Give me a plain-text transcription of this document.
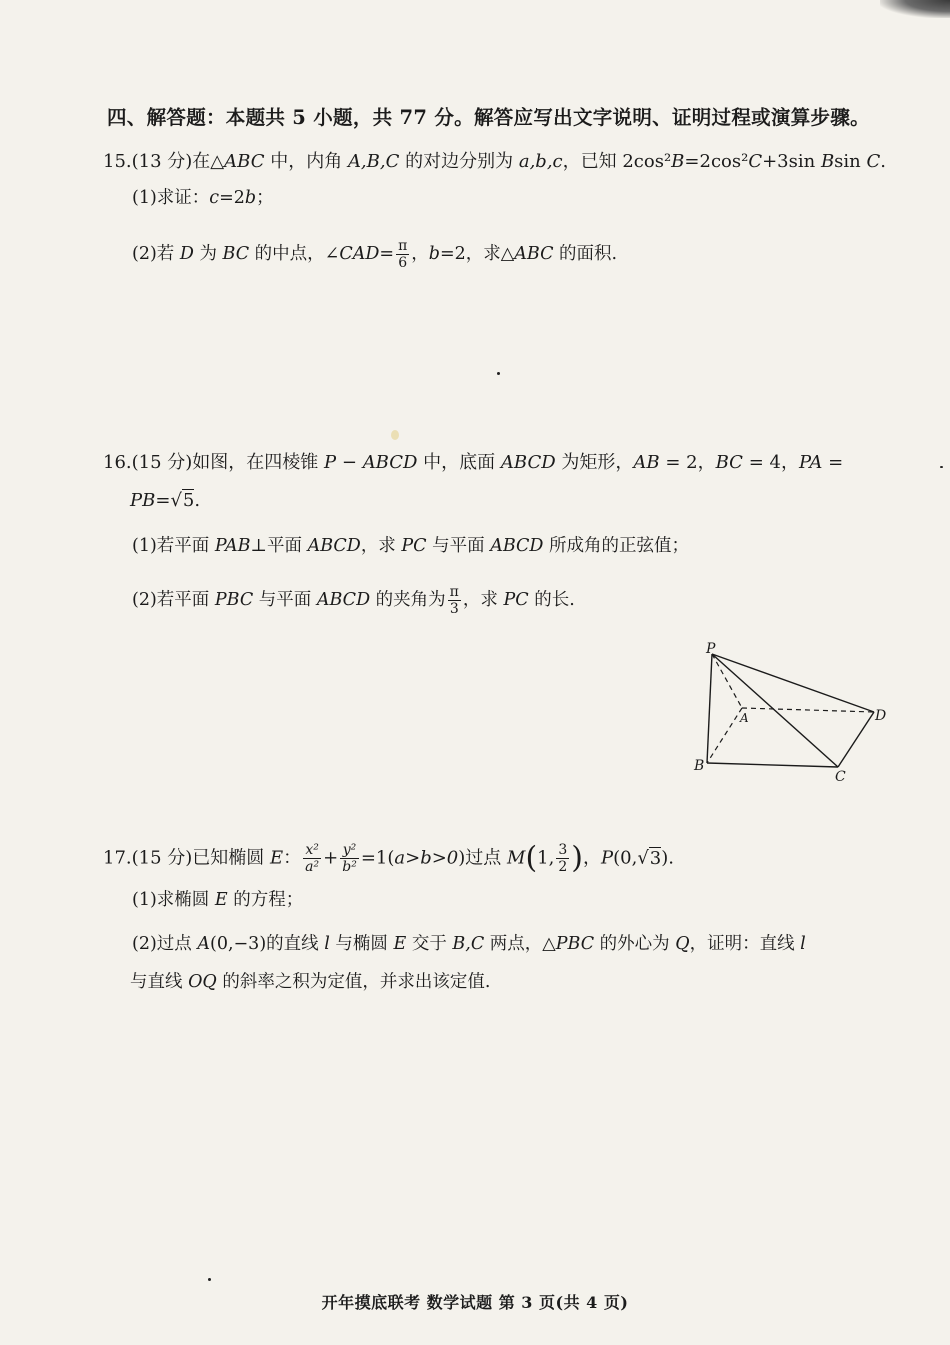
四、解答题：本题共 5 小题，共 77 分。解答应写出文字说明、证明过程或演算步骤。
15.(13 分)在△ABC 中，内角 A,B,C 的对边分别为 a,b,c，已知 2cos²B=2cos²C+3sin Bsin C.
(1)求证：c=2b；
(2)若 D 为 BC 的中点，∠CAD= $\frac{\pi}{6}$ ，b=2，求△ABC 的面积.
16.(15 分)如图，在四棱锥 P − ABCD 中，底面 ABCD 为矩形，AB = 2，BC = 4，PA =
PB=√5.
(1)若平面 PAB⊥平面 ABCD，求 PC 与平面 ABCD 所成角的正弦值；
(2)若平面 PBC 与平面 ABCD 的夹角为 $\frac{\pi}{3}$ ，求 PC 的长.
P
A
B
C
D
17.(15 分)已知椭圆 E： $\frac{\text{x²}}{\text{a²}} + \frac{\text{y²}}{\text{b²}} =1(a>b>0)$过点 M(1, $\frac{3}{2}$ )，P(0,√3).
(1)求椭圆 E 的方程；
(2)过点 A(0,−3)的直线 l 与椭圆 E 交于 B,C 两点，△PBC 的外心为 Q，证明：直线 l
与直线 OQ 的斜率之积为定值，并求出该定值.
开年摸底联考 数学试题 第 3 页(共 4 页)
